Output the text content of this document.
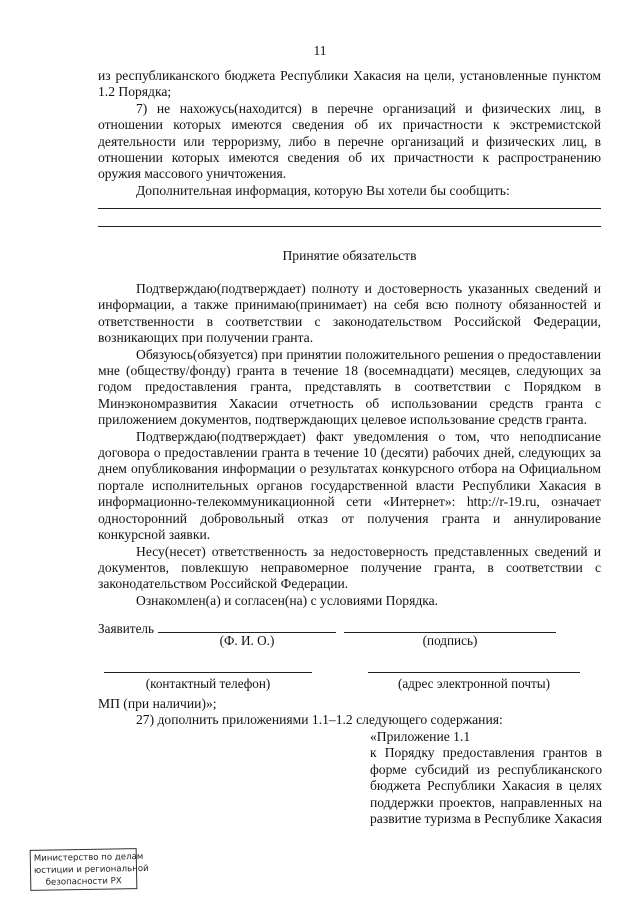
11

из республиканского бюджета Республики Хакасия на цели, установленные пунктом 1.2 Порядка;

7) не нахожусь(находится) в перечне организаций и физических лиц, в отношении которых имеются сведения об их причастности к экстремистской деятельности или терроризму, либо в перечне организаций и физических лиц, в отношении которых имеются сведения об их причастности к распространению оружия массового уничтожения.

Дополнительная информация, которую Вы хотели бы сообщить:

Принятие обязательств

Подтверждаю(подтверждает) полноту и достоверность указанных сведений и информации, а также принимаю(принимает) на себя всю полноту обязанностей и ответственности в соответствии с законодательством Российской Федерации, возникающих при получении гранта.

Обязуюсь(обязуется) при принятии положительного решения о предоставлении мне (обществу/фонду) гранта в течение 18 (восемнадцати) месяцев, следующих за годом предоставления гранта, представлять в соответствии с Порядком в Минэкономразвития Хакасии отчетность об использовании средств гранта с приложением документов, подтверждающих целевое использование средств гранта.

Подтверждаю(подтверждает) факт уведомления о том, что неподписание договора о предоставлении гранта в течение 10 (десяти) рабочих дней, следующих за днем опубликования информации о результатах конкурсного отбора на Официальном портале исполнительных органов государственной власти Республики Хакасия в информационно-телекоммуникационной сети «Интернет»: http://r-19.ru, означает односторонний добровольный отказ от получения гранта и аннулирование конкурсной заявки.

Несу(несет) ответственность за недостоверность представленных сведений и документов, повлекшую неправомерное получение гранта, в соответствии с законодательством Российской Федерации.

Ознакомлен(а) и согласен(на) с условиями Порядка.

Заявитель
(Ф. И. О.)	(подпись)
(контактный телефон)	(адрес электронной почты)
МП (при наличии)»;
27) дополнить приложениями 1.1–1.2 следующего содержания:

«Приложение 1.1

к Порядку предоставления грантов в форме субсидий из республиканского бюджета Республики Хакасия в целях поддержки проектов, направленных на развитие туризма в Республике Хакасия

Министерство по делам
юстиции и региональной
безопасности РХ
